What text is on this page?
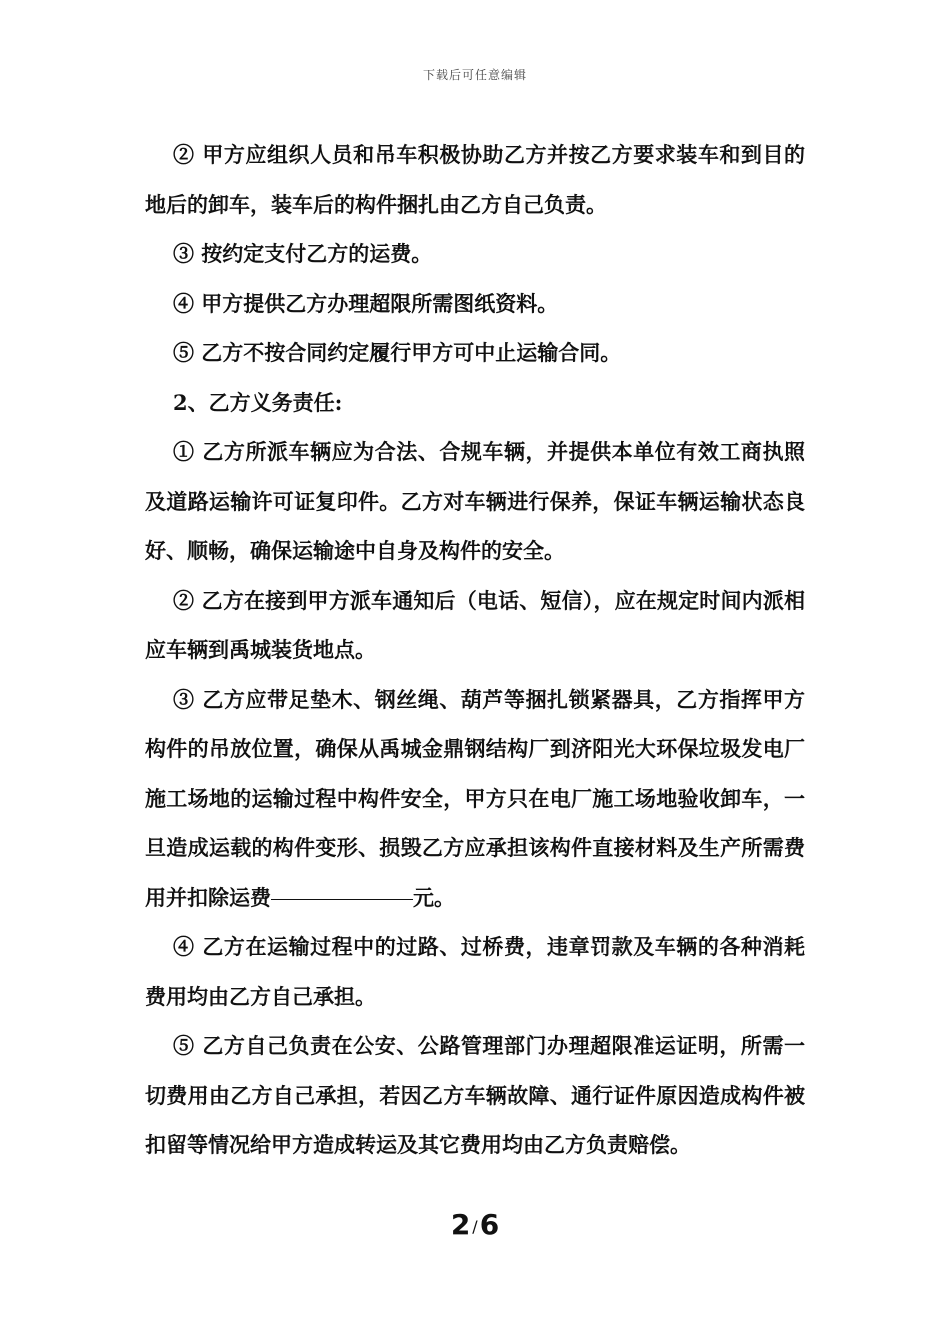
下载后可任意编辑

② 甲方应组织人员和吊车积极协助乙方并按乙方要求装车和到目的地后的卸车，装车后的构件捆扎由乙方自己负责。

③ 按约定支付乙方的运费。

④ 甲方提供乙方办理超限所需图纸资料。

⑤ 乙方不按合同约定履行甲方可中止运输合同。

2、乙方义务责任:

① 乙方所派车辆应为合法、合规车辆，并提供本单位有效工商执照及道路运输许可证复印件。乙方对车辆进行保养，保证车辆运输状态良好、顺畅，确保运输途中自身及构件的安全。

② 乙方在接到甲方派车通知后（电话、短信），应在规定时间内派相应车辆到禹城装货地点。

③ 乙方应带足垫木、钢丝绳、葫芦等捆扎锁紧器具，乙方指挥甲方构件的吊放位置，确保从禹城金鼎钢结构厂到济阳光大环保垃圾发电厂施工场地的运输过程中构件安全，甲方只在电厂施工场地验收卸车，一旦造成运载的构件变形、损毁乙方应承担该构件直接材料及生产所需费用并扣除运费	元。

④ 乙方在运输过程中的过路、过桥费，违章罚款及车辆的各种消耗费用均由乙方自己承担。

⑤ 乙方自己负责在公安、公路管理部门办理超限准运证明，所需一切费用由乙方自己承担，若因乙方车辆故障、通行证件原因造成构件被扣留等情况给甲方造成转运及其它费用均由乙方负责赔偿。

2 /6
